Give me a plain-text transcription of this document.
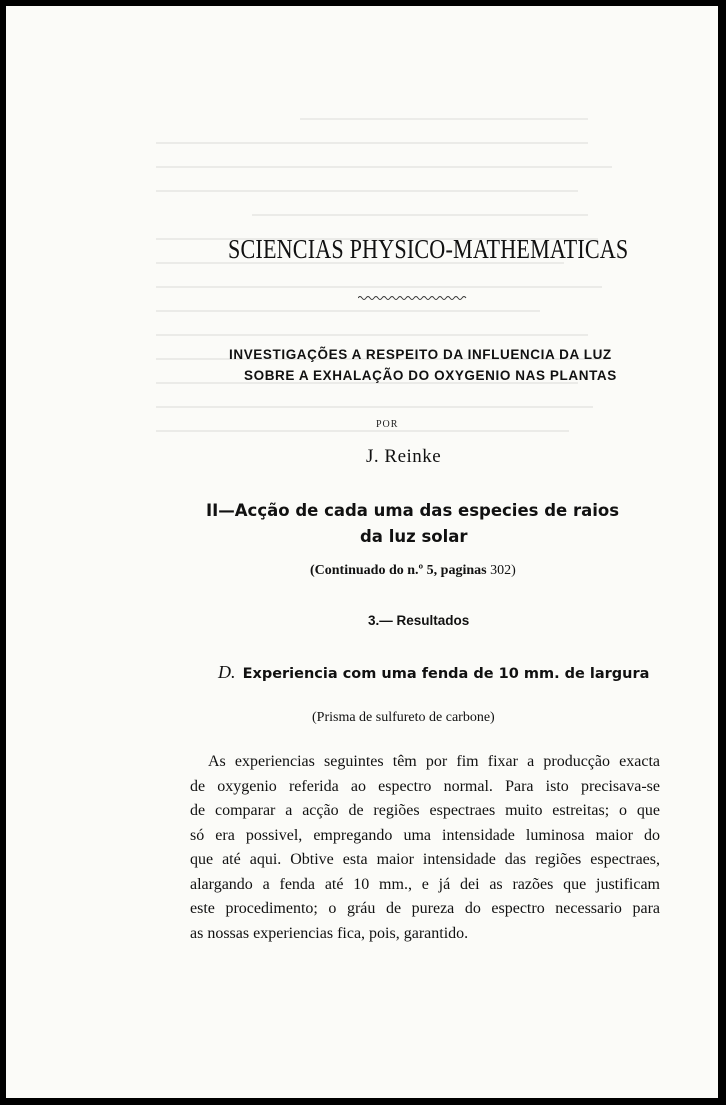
SCIENCIAS PHYSICO-MATHEMATICAS
INVESTIGAÇÕES A RESPEITO DA INFLUENCIA DA LUZ
SOBRE A EXHALAÇÃO DO OXYGENIO NAS PLANTAS
POR
J. Reinke
II—Acção de cada uma das especies de raios
da luz solar
(Continuado do n.º 5, paginas 302)
3.— Resultados
D. Experiencia com uma fenda de 10 mm. de largura
(Prisma de sulfureto de carbone)
As experiencias seguintes têm por fim fixar a producção exacta
de oxygenio referida ao espectro normal. Para isto precisava-se
de comparar a acção de regiões espectraes muito estreitas; o que
só era possivel, empregando uma intensidade luminosa maior do
que até aqui. Obtive esta maior intensidade das regiões espectraes,
alargando a fenda até 10 mm., e já dei as razões que justificam
este procedimento; o gráu de pureza do espectro necessario para
as nossas experiencias fica, pois, garantido.
